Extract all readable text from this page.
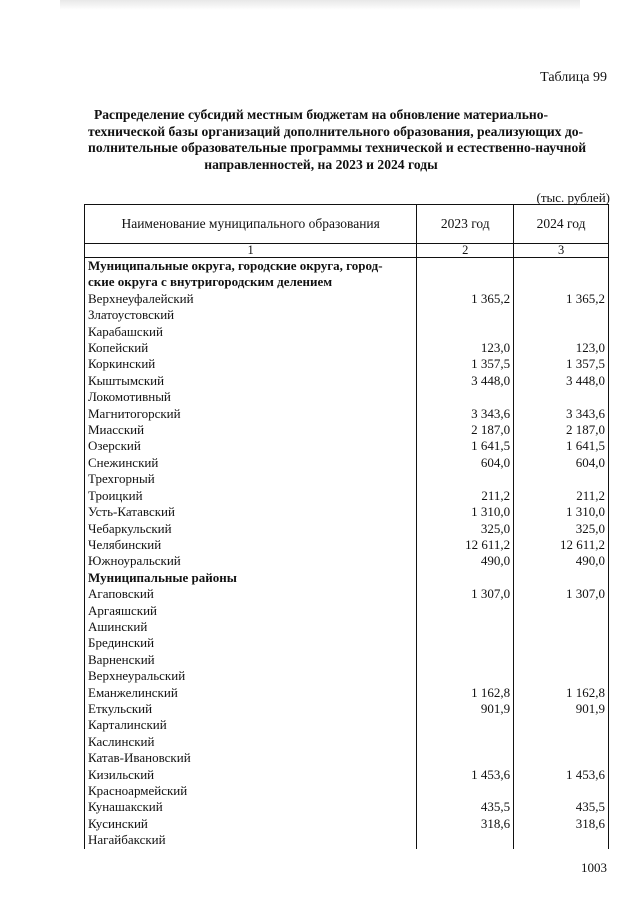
Таблица 99
Распределение субсидий местным бюджетам на обновление материально-
технической базы организаций дополнительного образования, реализующих до-
полнительные образовательные программы технической и естественно-научной
направленностей, на 2023 и 2024 годы
(тыс. рублей)
Наименование муниципального образования	2023 год	2024 год
1	2	3

Муниципальные округа, городские округа, город-
ские округа с внутригородским делением		

Верхнеуфалейский	1 365,2	1 365,2
Златоустовский		
Карабашский		
Копейский	123,0	123,0
Коркинский	1 357,5	1 357,5
Кыштымский	3 448,0	3 448,0
Локомотивный		
Магнитогорский	3 343,6	3 343,6
Миасский	2 187,0	2 187,0
Озерский	1 641,5	1 641,5
Снежинский	604,0	604,0
Трехгорный		
Троицкий	211,2	211,2
Усть-Катавский	1 310,0	1 310,0
Чебаркульский	325,0	325,0
Челябинский	12 611,2	12 611,2
Южноуральский	490,0	490,0
Муниципальные районы		
Агаповский	1 307,0	1 307,0
Аргаяшский		
Ашинский		
Брединский		
Варненский		
Верхнеуральский		
Еманжелинский	1 162,8	1 162,8
Еткульский	901,9	901,9
Карталинский		
Каслинский		
Катав-Ивановский		
Кизильский	1 453,6	1 453,6
Красноармейский		
Кунашакский	435,5	435,5
Кусинский	318,6	318,6
Нагайбакский		
1003
